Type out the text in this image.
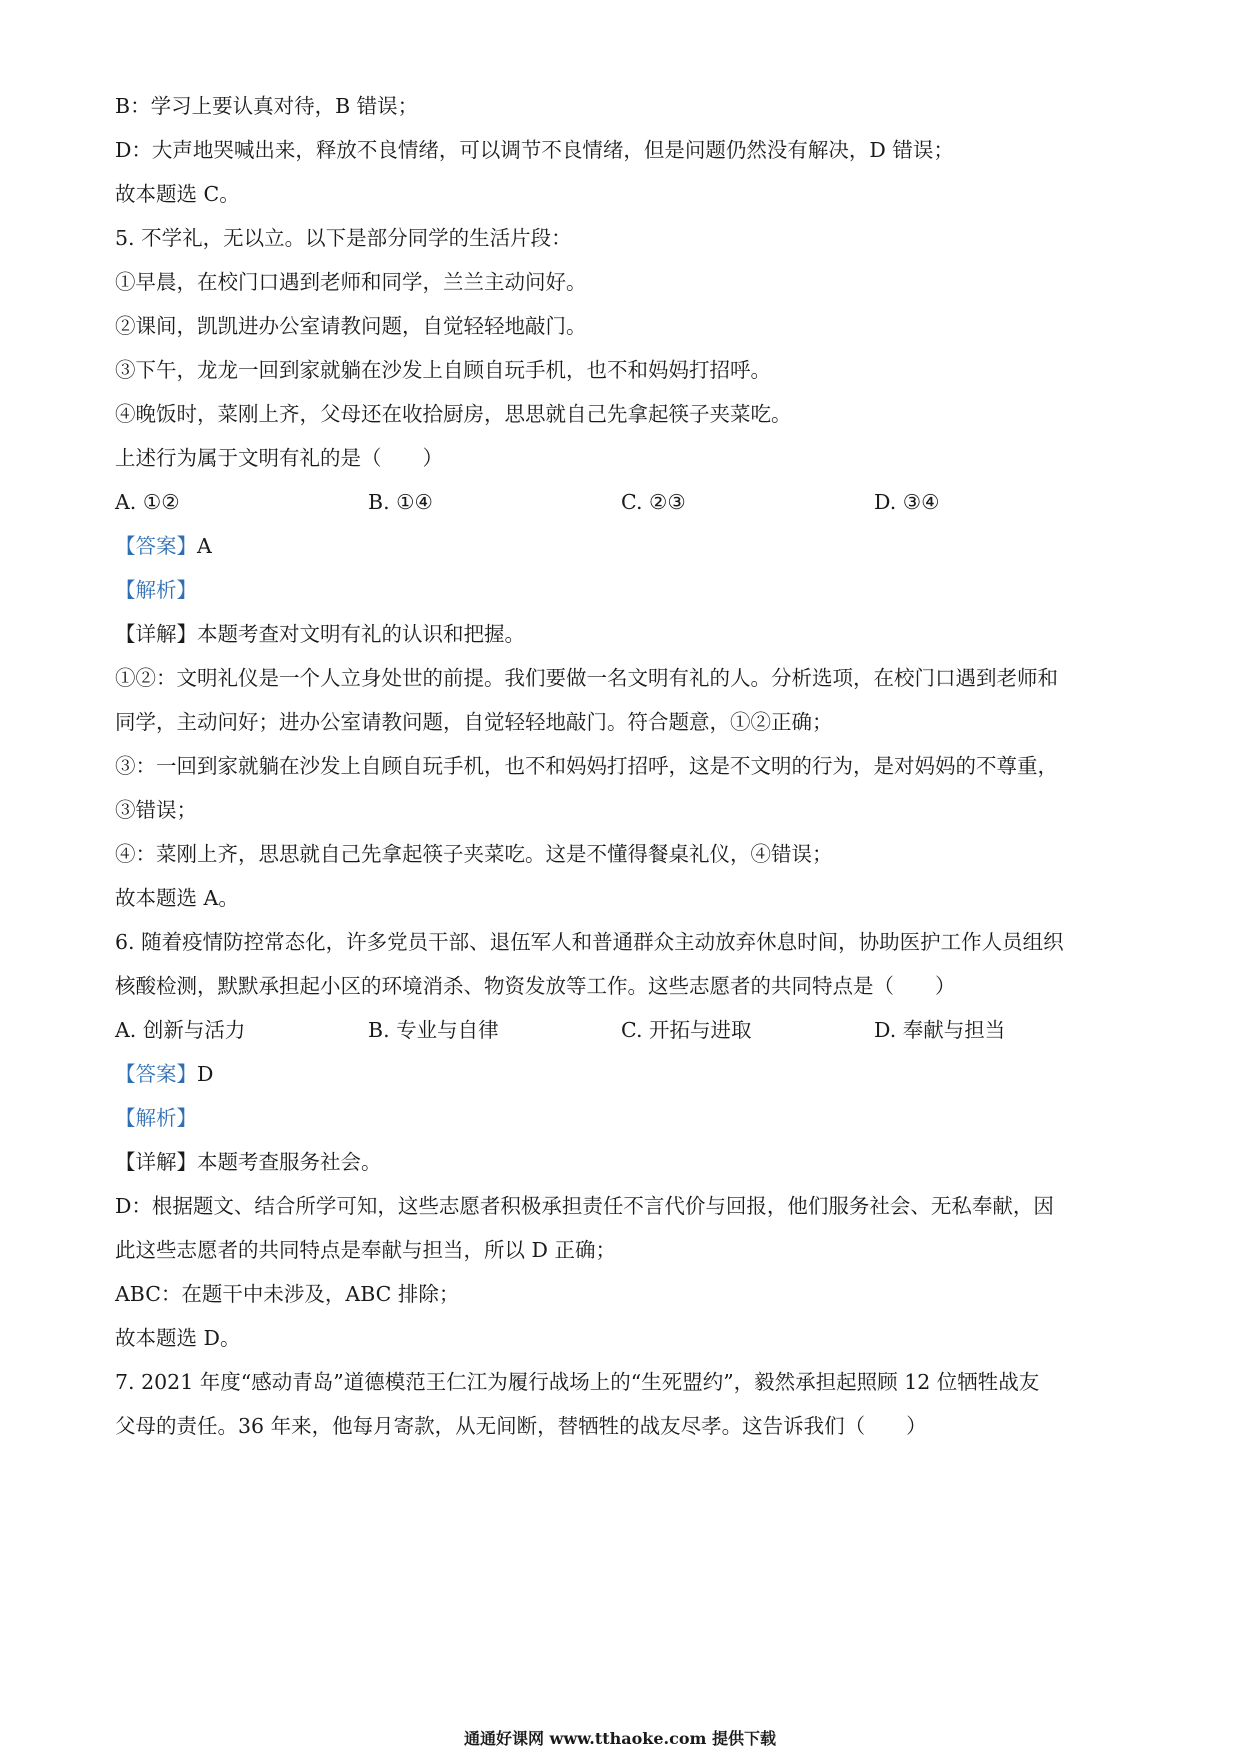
B：学习上要认真对待，B 错误；
D：大声地哭喊出来，释放不良情绪，可以调节不良情绪，但是问题仍然没有解决，D 错误；
故本题选 C。
5. 不学礼，无以立。以下是部分同学的生活片段：
①早晨，在校门口遇到老师和同学，兰兰主动问好。
②课间，凯凯进办公室请教问题，自觉轻轻地敲门。
③下午，龙龙一回到家就躺在沙发上自顾自玩手机，也不和妈妈打招呼。
④晚饭时，菜刚上齐，父母还在收拾厨房，思思就自己先拿起筷子夹菜吃。
上述行为属于文明有礼的是（　　）
A. ①②	B. ①④	C. ②③	D. ③④
【答案】A
【解析】
【详解】本题考查对文明有礼的认识和把握。
①②：文明礼仪是一个人立身处世的前提。我们要做一名文明有礼的人。分析选项，在校门口遇到老师和
同学，主动问好；进办公室请教问题，自觉轻轻地敲门。符合题意，①②正确；
③：一回到家就躺在沙发上自顾自玩手机，也不和妈妈打招呼，这是不文明的行为，是对妈妈的不尊重，
③错误；
④：菜刚上齐，思思就自己先拿起筷子夹菜吃。这是不懂得餐桌礼仪，④错误；
故本题选 A。
6. 随着疫情防控常态化，许多党员干部、退伍军人和普通群众主动放弃休息时间，协助医护工作人员组织
核酸检测，默默承担起小区的环境消杀、物资发放等工作。这些志愿者的共同特点是（　　）
A. 创新与活力	B. 专业与自律	C. 开拓与进取	D. 奉献与担当
【答案】D
【解析】
【详解】本题考查服务社会。
D：根据题文、结合所学可知，这些志愿者积极承担责任不言代价与回报，他们服务社会、无私奉献，因
此这些志愿者的共同特点是奉献与担当，所以 D 正确；
ABC：在题干中未涉及，ABC 排除；
故本题选 D。
7. 2021 年度“感动青岛”道德模范王仁江为履行战场上的“生死盟约”，毅然承担起照顾 12 位牺牲战友
父母的责任。36 年来，他每月寄款，从无间断，替牺牲的战友尽孝。这告诉我们（　　）
通通好课网 www.tthaoke.com 提供下载
